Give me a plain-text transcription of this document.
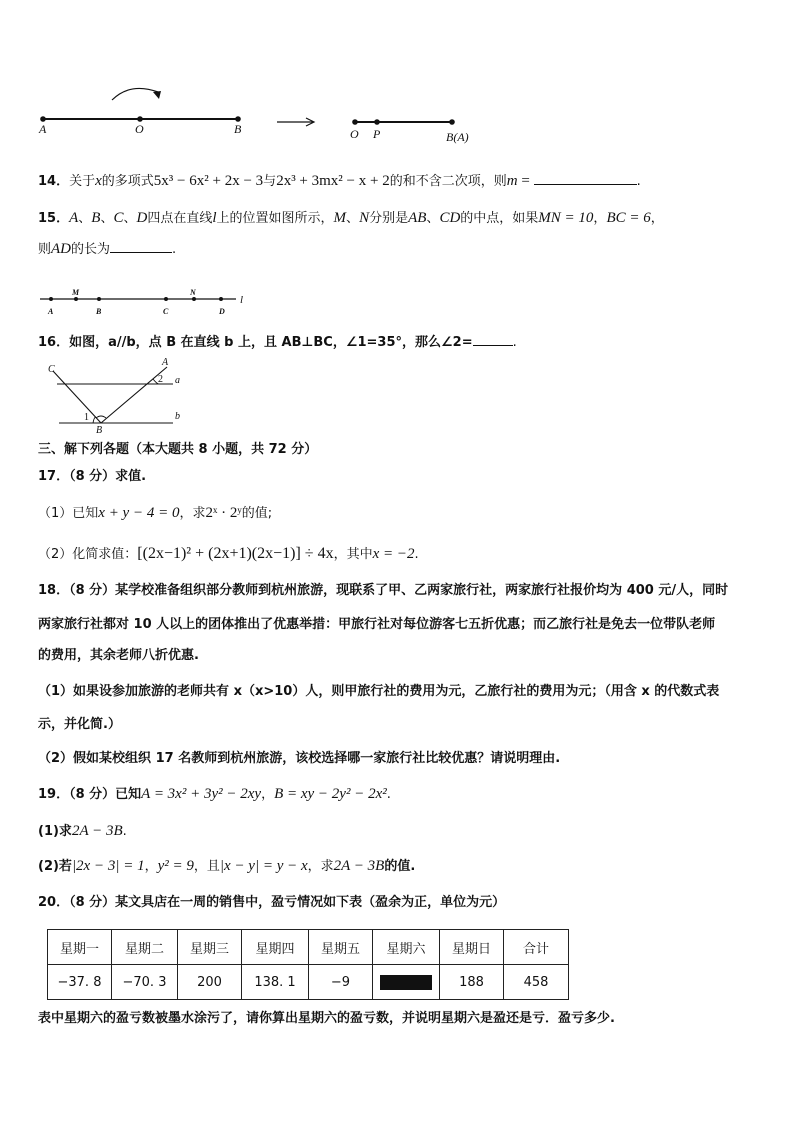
A	O	B	O P	B(A)
14．关于x的多项式5x³ − 6x² + 2x − 3与2x³ + 3mx² − x + 2的和不含二次项，则m =	.
15．A、B、C、D四点在直线l上的位置如图所示，M、N分别是AB、CD的中点，如果MN = 10，BC = 6，
则AD的长为	.
M	N
A	B	C	D
l
16．如图，a//b，点 B 在直线 b 上，且 AB⊥BC，∠1=35°，那么∠2=	.
C
A
2 a
1	b
B
三、解下列各题（本大题共 8 小题，共 72 分）
17．（8 分）求值.
（1）已知x + y − 4 = 0，求2ˣ · 2ʸ的值;
（2）化简求值：[(2x−1)² + (2x+1)(2x−1)] ÷ 4x，其中x = −2.
18．（8 分）某学校准备组织部分教师到杭州旅游，现联系了甲、乙两家旅行社，两家旅行社报价均为 400 元/人，同时
两家旅行社都对 10 人以上的团体推出了优惠举措：甲旅行社对每位游客七五折优惠；而乙旅行社是免去一位带队老师
的费用，其余老师八折优惠.
（1）如果设参加旅游的老师共有 x（x>10）人，则甲旅行社的费用为元，乙旅行社的费用为元；（用含 x 的代数式表
示，并化简.）
（2）假如某校组织 17 名教师到杭州旅游，该校选择哪一家旅行社比较优惠？请说明理由.
19．（8 分）已知A = 3x² + 3y² − 2xy，B = xy − 2y² − 2x².
(1)求2A − 3B.
(2)若|2x − 3| = 1，y² = 9，且|x − y| = y − x，求2A − 3B的值.
20．（8 分）某文具店在一周的销售中，盈亏情况如下表（盈余为正，单位为元）
星期一	星期二	星期三	星期四	星期五	星期六	星期日	合计
−37. 8	−70. 3	200	138. 1	−9		188	458
表中星期六的盈亏数被墨水涂污了，请你算出星期六的盈亏数，并说明星期六是盈还是亏．盈亏多少.
